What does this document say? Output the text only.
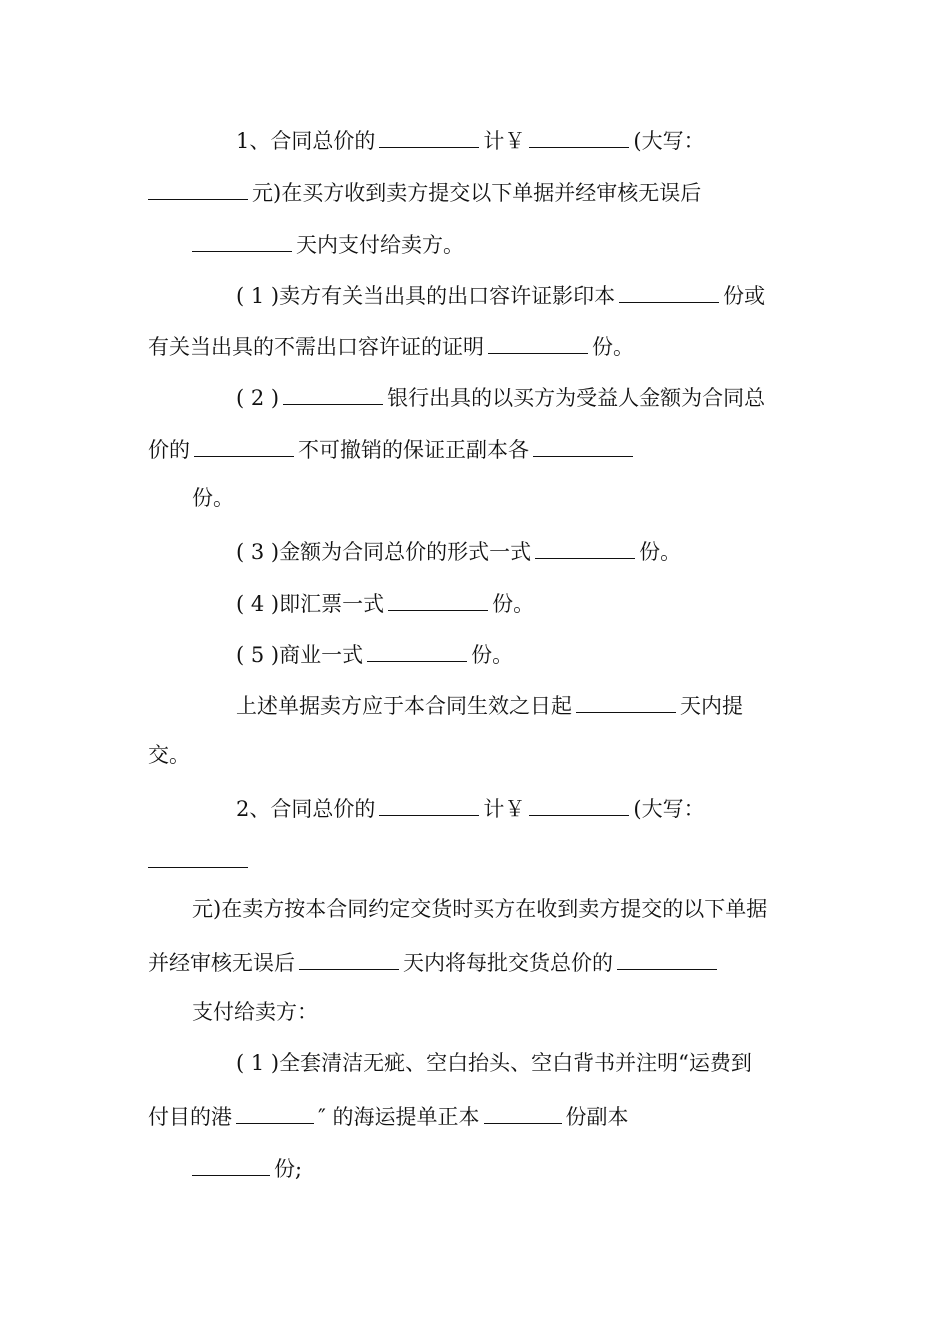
1、合同总价的	计￥	(大写：
元)在买方收到卖方提交以下单据并经审核无误后
天内支付给卖方。
( 1 )卖方有关当出具的出口容许证影印本	份或
有关当出具的不需出口容许证的证明	份。
( 2 )	银行出具的以买方为受益人金额为合同总
价的	不可撤销的保证正副本各
份。
( 3 )金额为合同总价的形式一式	份。
( 4 )即汇票一式	份。
( 5 )商业一式	份。
上述单据卖方应于本合同生效之日起	天内提
交。
2、合同总价的	计￥	(大写：
元)在卖方按本合同约定交货时买方在收到卖方提交的以下单据
并经审核无误后	天内将每批交货总价的
支付给卖方：
( 1 )全套清洁无疵、空白抬头、空白背书并注明“运费到
付目的港	″ 的海运提单正本	份副本
份;
